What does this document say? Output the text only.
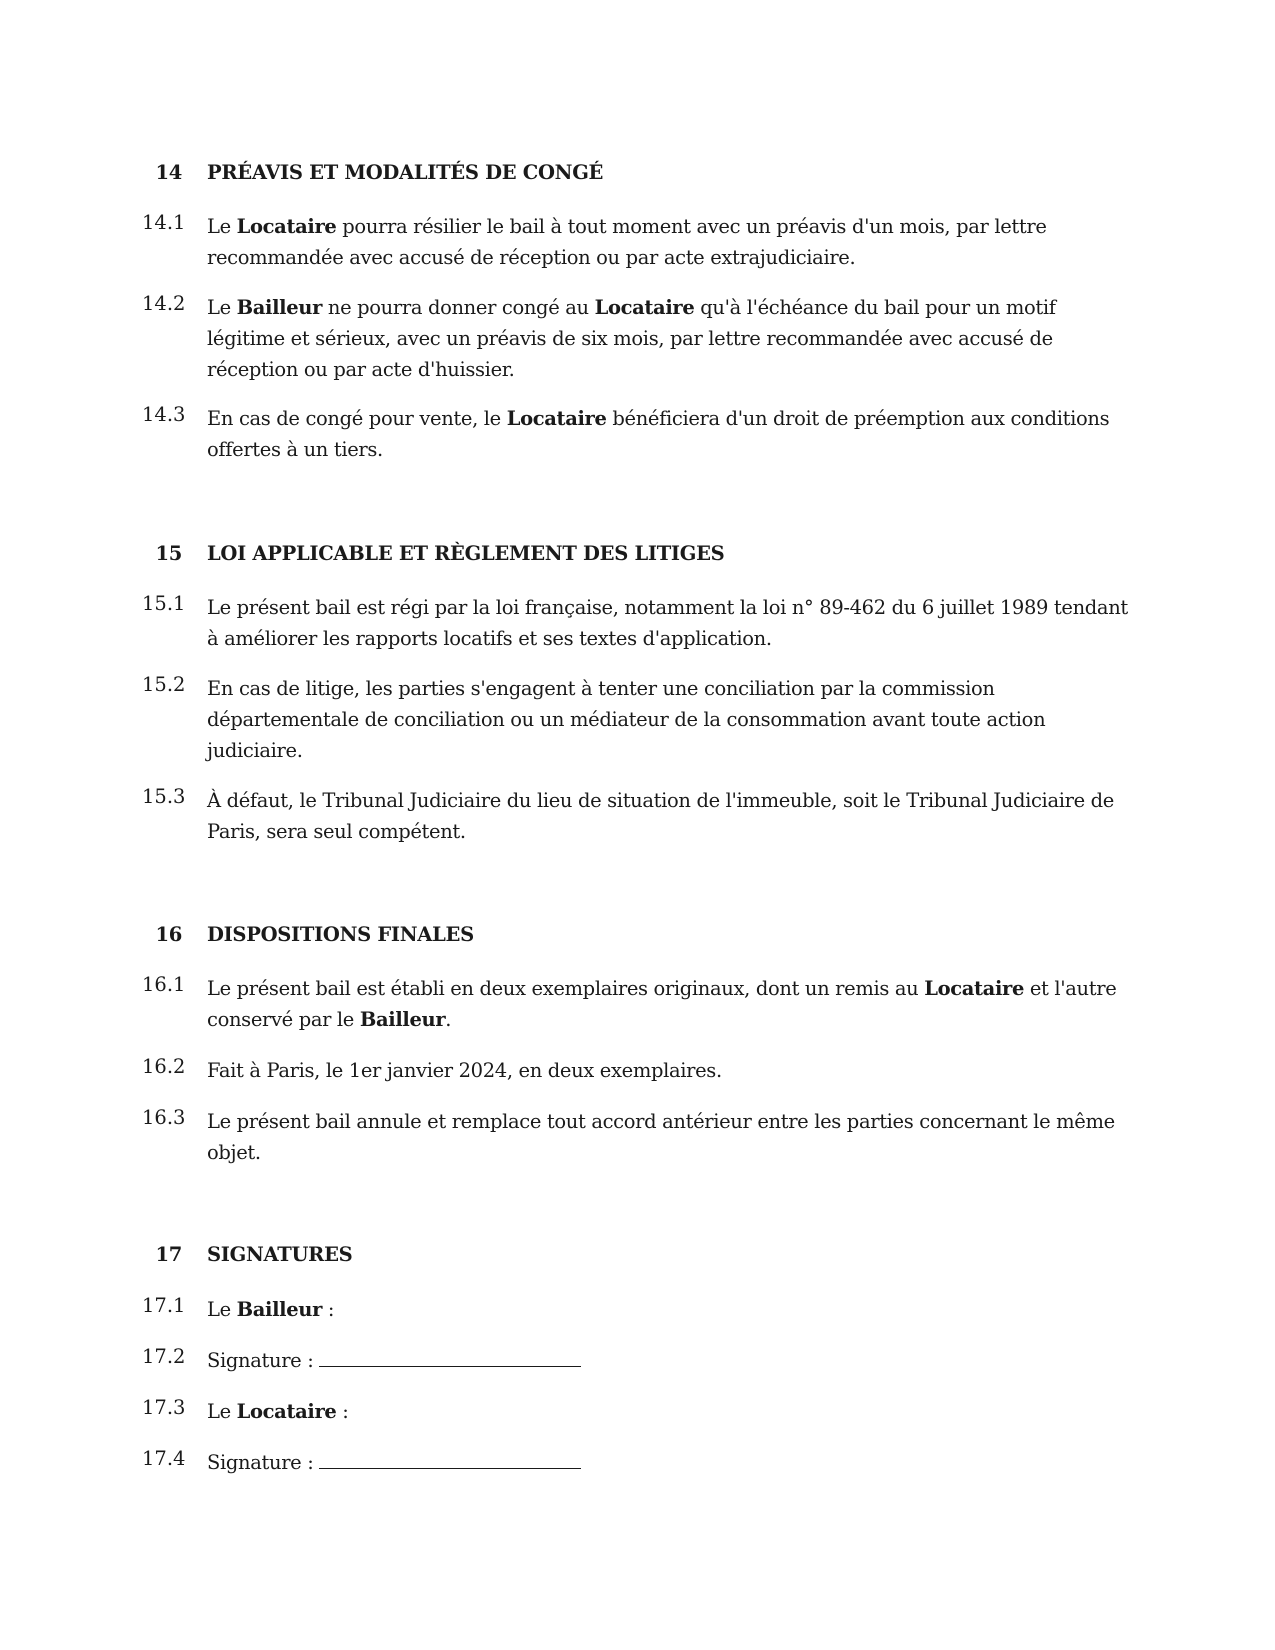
14 PRÉAVIS ET MODALITÉS DE CONGÉ
14.1	Le Locataire pourra résilier le bail à tout moment avec un préavis d'un mois, par lettre recommandée avec accusé de réception ou par acte extrajudiciaire.
14.2	Le Bailleur ne pourra donner congé au Locataire qu'à l'échéance du bail pour un motif légitime et sérieux, avec un préavis de six mois, par lettre recommandée avec accusé de réception ou par acte d'huissier.
14.3	En cas de congé pour vente, le Locataire bénéficiera d'un droit de préemption aux conditions offertes à un tiers.
15 LOI APPLICABLE ET RÈGLEMENT DES LITIGES
15.1	Le présent bail est régi par la loi française, notamment la loi n° 89-462 du 6 juillet 1989 tendant à améliorer les rapports locatifs et ses textes d'application.
15.2	En cas de litige, les parties s'engagent à tenter une conciliation par la commission départementale de conciliation ou un médiateur de la consommation avant toute action judiciaire.
15.3	À défaut, le Tribunal Judiciaire du lieu de situation de l'immeuble, soit le Tribunal Judiciaire de Paris, sera seul compétent.
16 DISPOSITIONS FINALES
16.1	Le présent bail est établi en deux exemplaires originaux, dont un remis au Locataire et l'autre conservé par le Bailleur.
16.2	Fait à Paris, le 1er janvier 2024, en deux exemplaires.
16.3	Le présent bail annule et remplace tout accord antérieur entre les parties concernant le même objet.
17 SIGNATURES
17.1	Le Bailleur :
17.2	Signature :
17.3	Le Locataire :
17.4	Signature :
